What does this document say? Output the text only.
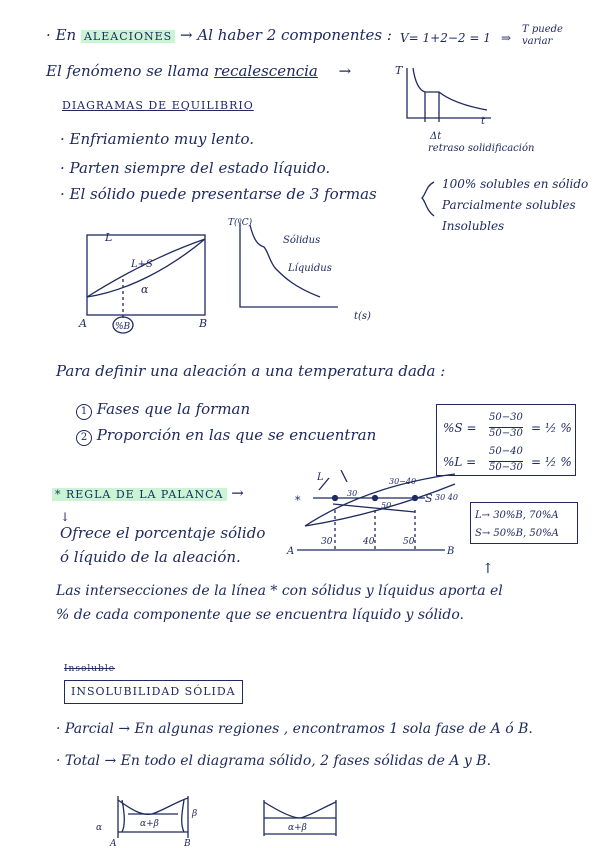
· En ALEACIONES → Al haber 2 componentes : V= 1+2−2 = 1 ⇒
T puede variar
El fenómeno se llama recalescencia →	T
t
Δt
retraso solidificación
DIAGRAMAS DE EQUILIBRIO
· Enfriamiento muy lento.
· Parten siempre del estado líquido.
· El sólido puede presentarse de 3 formas
100% solubles en sólido
Parcialmente solubles
Insolubles
L
L+S
α
A	B
%B
T(ºC)
Sólidus
Líquidus
t(s)
Para definir una aleación a una temperatura dada :
1 Fases que la forman
2 Proporción en las que se encuentran	%S =
50−30
50−30 = ½ %
%L =
50−40
50−30 = ½ %
* REGLA DE LA PALANCA →
↓
Ofrece el porcentaje sólido
ó líquido de la aleación.
*
L
S
30
30−40
30 40
50
A	B
30	40	50
L→ 30%B, 70%A
S→ 50%B, 50%A
↑
Las intersecciones de la línea * con sólidus y líquidus aporta el
% de cada componente que se encuentra líquido y sólido.
Insoluble
INSOLUBILIDAD SÓLIDA
· Parcial → En algunas regiones , encontramos 1 sola fase de A ó B.
· Total → En todo el diagrama sólido, 2 fases sólidas de A y B.
α+β
α
β
A	B
α+β
